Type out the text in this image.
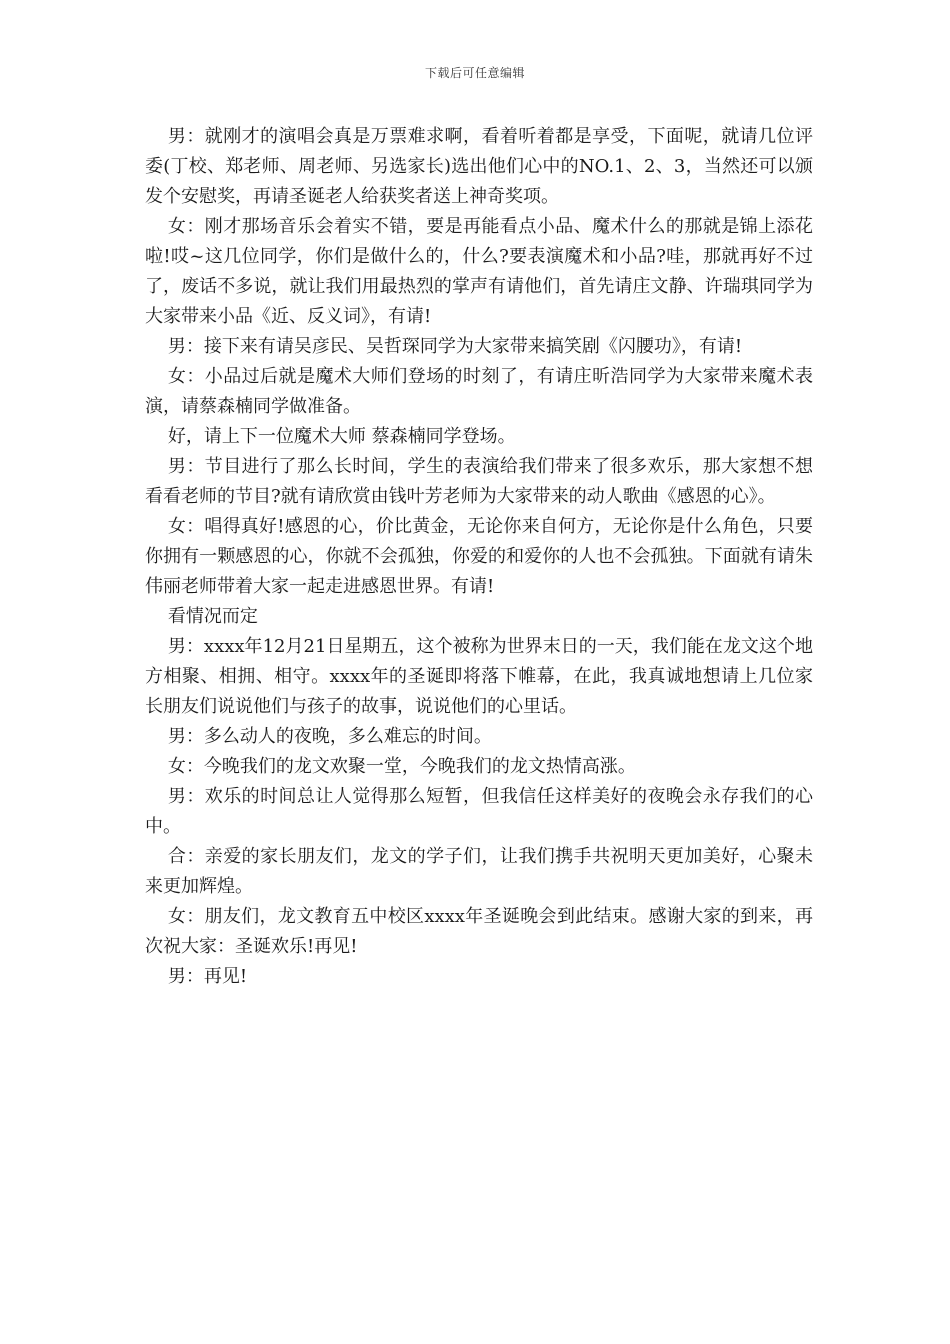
下载后可任意编辑

男：就刚才的演唱会真是万票难求啊，看着听着都是享受，下面呢，就请几位评委(丁校、郑老师、周老师、另选家长)选出他们心中的NO.1、2、3，当然还可以颁发个安慰奖，再请圣诞老人给获奖者送上神奇奖项。

女：刚才那场音乐会着实不错，要是再能看点小品、魔术什么的那就是锦上添花啦!哎~这几位同学，你们是做什么的，什么?要表演魔术和小品?哇，那就再好不过了，废话不多说，就让我们用最热烈的掌声有请他们，首先请庄文静、许瑞琪同学为大家带来小品《近、反义词》，有请!

男：接下来有请吴彦民、吴哲琛同学为大家带来搞笑剧《闪腰功》，有请!

女：小品过后就是魔术大师们登场的时刻了，有请庄昕浩同学为大家带来魔术表演，请蔡森楠同学做准备。

好，请上下一位魔术大师 蔡森楠同学登场。

男：节目进行了那么长时间，学生的表演给我们带来了很多欢乐，那大家想不想看看老师的节目?就有请欣赏由钱叶芳老师为大家带来的动人歌曲《感恩的心》。

女：唱得真好!感恩的心，价比黄金，无论你来自何方，无论你是什么角色，只要你拥有一颗感恩的心，你就不会孤独，你爱的和爱你的人也不会孤独。下面就有请朱伟丽老师带着大家一起走进感恩世界。有请!

看情况而定

男：xxxx年12月21日星期五，这个被称为世界末日的一天，我们能在龙文这个地方相聚、相拥、相守。xxxx年的圣诞即将落下帷幕，在此，我真诚地想请上几位家长朋友们说说他们与孩子的故事，说说他们的心里话。

男：多么动人的夜晚，多么难忘的时间。

女：今晚我们的龙文欢聚一堂，今晚我们的龙文热情高涨。

男：欢乐的时间总让人觉得那么短暂，但我信任这样美好的夜晚会永存我们的心中。

合：亲爱的家长朋友们，龙文的学子们，让我们携手共祝明天更加美好，心聚未来更加辉煌。

女：朋友们，龙文教育五中校区xxxx年圣诞晚会到此结束。感谢大家的到来，再次祝大家：圣诞欢乐!再见!

男：再见!
